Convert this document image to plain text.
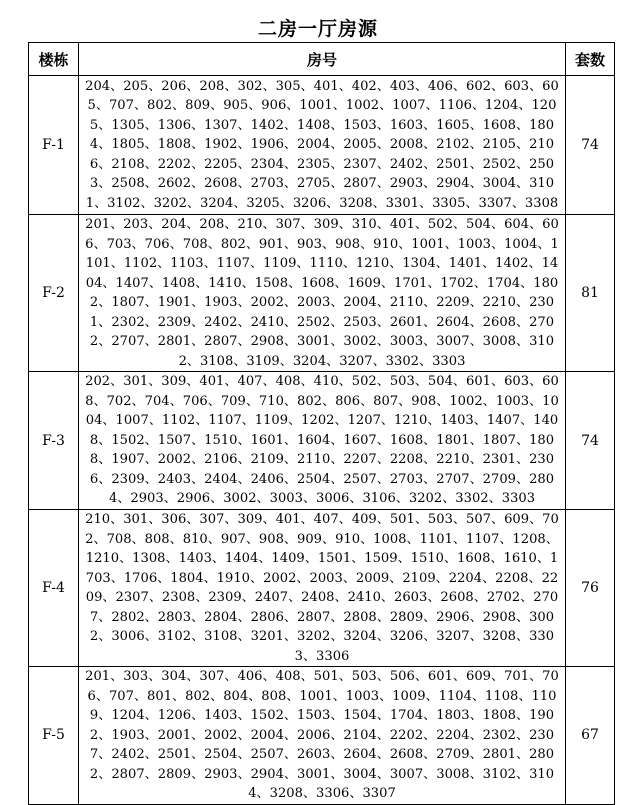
二房一厅房源
楼栋	房号	套数
F-1	204、205、206、208、302、305、401、402、403、406、602、603、605、707、802、809、905、906、1001、1002、1007、1106、1204、1205、1305、1306、1307、1402、1408、1503、1603、1605、1608、1804、1805、1808、1902、1906、2004、2005、2008、2102、2105、2106、2108、2202、2205、2304、2305、2307、2402、2501、2502、2503、2508、2602、2608、2703、2705、2807、2903、2904、3004、3101、3102、3202、3204、3205、3206、3208、3301、3305、3307、3308	74
F-2	201、203、204、208、210、307、309、310、401、502、504、604、606、703、706、708、802、901、903、908、910、1001、1003、1004、1101、1102、1103、1107、1109、1110、1210、1304、1401、1402、1404、1407、1408、1410、1508、1608、1609、1701、1702、1704、1802、1807、1901、1903、2002、2003、2004、2110、2209、2210、2301、2302、2309、2402、2410、2502、2503、2601、2604、2608、2702、2707、2801、2807、2908、3001、3002、3003、3007、3008、3102、3108、3109、3204、3207、3302、3303	81
F-3	202、301、309、401、407、408、410、502、503、504、601、603、608、702、704、706、709、710、802、806、807、908、1002、1003、1004、1007、1102、1107、1109、1202、1207、1210、1403、1407、1408、1502、1507、1510、1601、1604、1607、1608、1801、1807、1808、1907、2002、2106、2109、2110、2207、2208、2210、2301、2306、2309、2403、2404、2406、2504、2507、2703、2707、2709、2804、2903、2906、3002、3003、3006、3106、3202、3302、3303	74
F-4	210、301、306、307、309、401、407、409、501、503、507、609、702、708、808、810、907、908、909、910、1008、1101、1107、1208、1210、1308、1403、1404、1409、1501、1509、1510、1608、1610、1703、1706、1804、1910、2002、2003、2009、2109、2204、2208、2209、2307、2308、2309、2407、2408、2410、2603、2608、2702、2707、2802、2803、2804、2806、2807、2808、2809、2906、2908、3002、3006、3102、3108、3201、3202、3204、3206、3207、3208、3303、3306	76
F-5	201、303、304、307、406、408、501、503、506、601、609、701、706、707、801、802、804、808、1001、1003、1009、1104、1108、1109、1204、1206、1403、1502、1503、1504、1704、1803、1808、1902、1903、2001、2002、2004、2006、2104、2202、2204、2302、2307、2402、2501、2504、2507、2603、2604、2608、2709、2801、2802、2807、2809、2903、2904、3001、3004、3007、3008、3102、3104、3208、3306、3307	67
